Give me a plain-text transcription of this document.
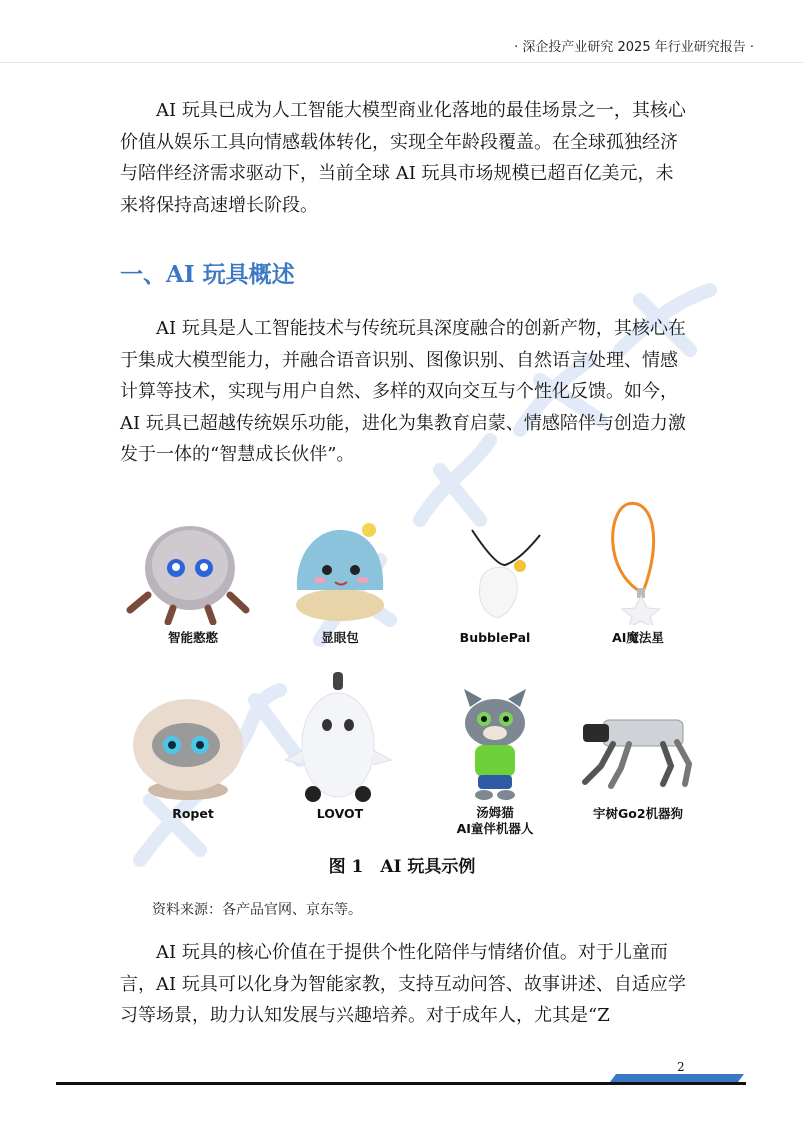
· 深企投产业研究 2025 年行业研究报告 ·

AI 玩具已成为人工智能大模型商业化落地的最佳场景之一，其核心价值从娱乐工具向情感载体转化，实现全年龄段覆盖。在全球孤独经济与陪伴经济需求驱动下，当前全球 AI 玩具市场规模已超百亿美元，未来将保持高速增长阶段。

一、AI 玩具概述

AI 玩具是人工智能技术与传统玩具深度融合的创新产物，其核心在于集成大模型能力，并融合语音识别、图像识别、自然语言处理、情感计算等技术，实现与用户自然、多样的双向交互与个性化反馈。如今，AI 玩具已超越传统娱乐功能，进化为集教育启蒙、情感陪伴与创造力激发于一体的“智慧成长伙伴”。

智能憨憨	显眼包	BubblePal	AI魔法星
Ropet	LOVOT	汤姆猫
AI童伴机器人
宇树Go2机器狗
图 1　AI 玩具示例
资料来源：各产品官网、京东等。

AI 玩具的核心价值在于提供个性化陪伴与情绪价值。对于儿童而言，AI 玩具可以化身为智能家教，支持互动问答、故事讲述、自适应学习等场景，助力认知发展与兴趣培养。对于成年人，尤其是“Z

2
